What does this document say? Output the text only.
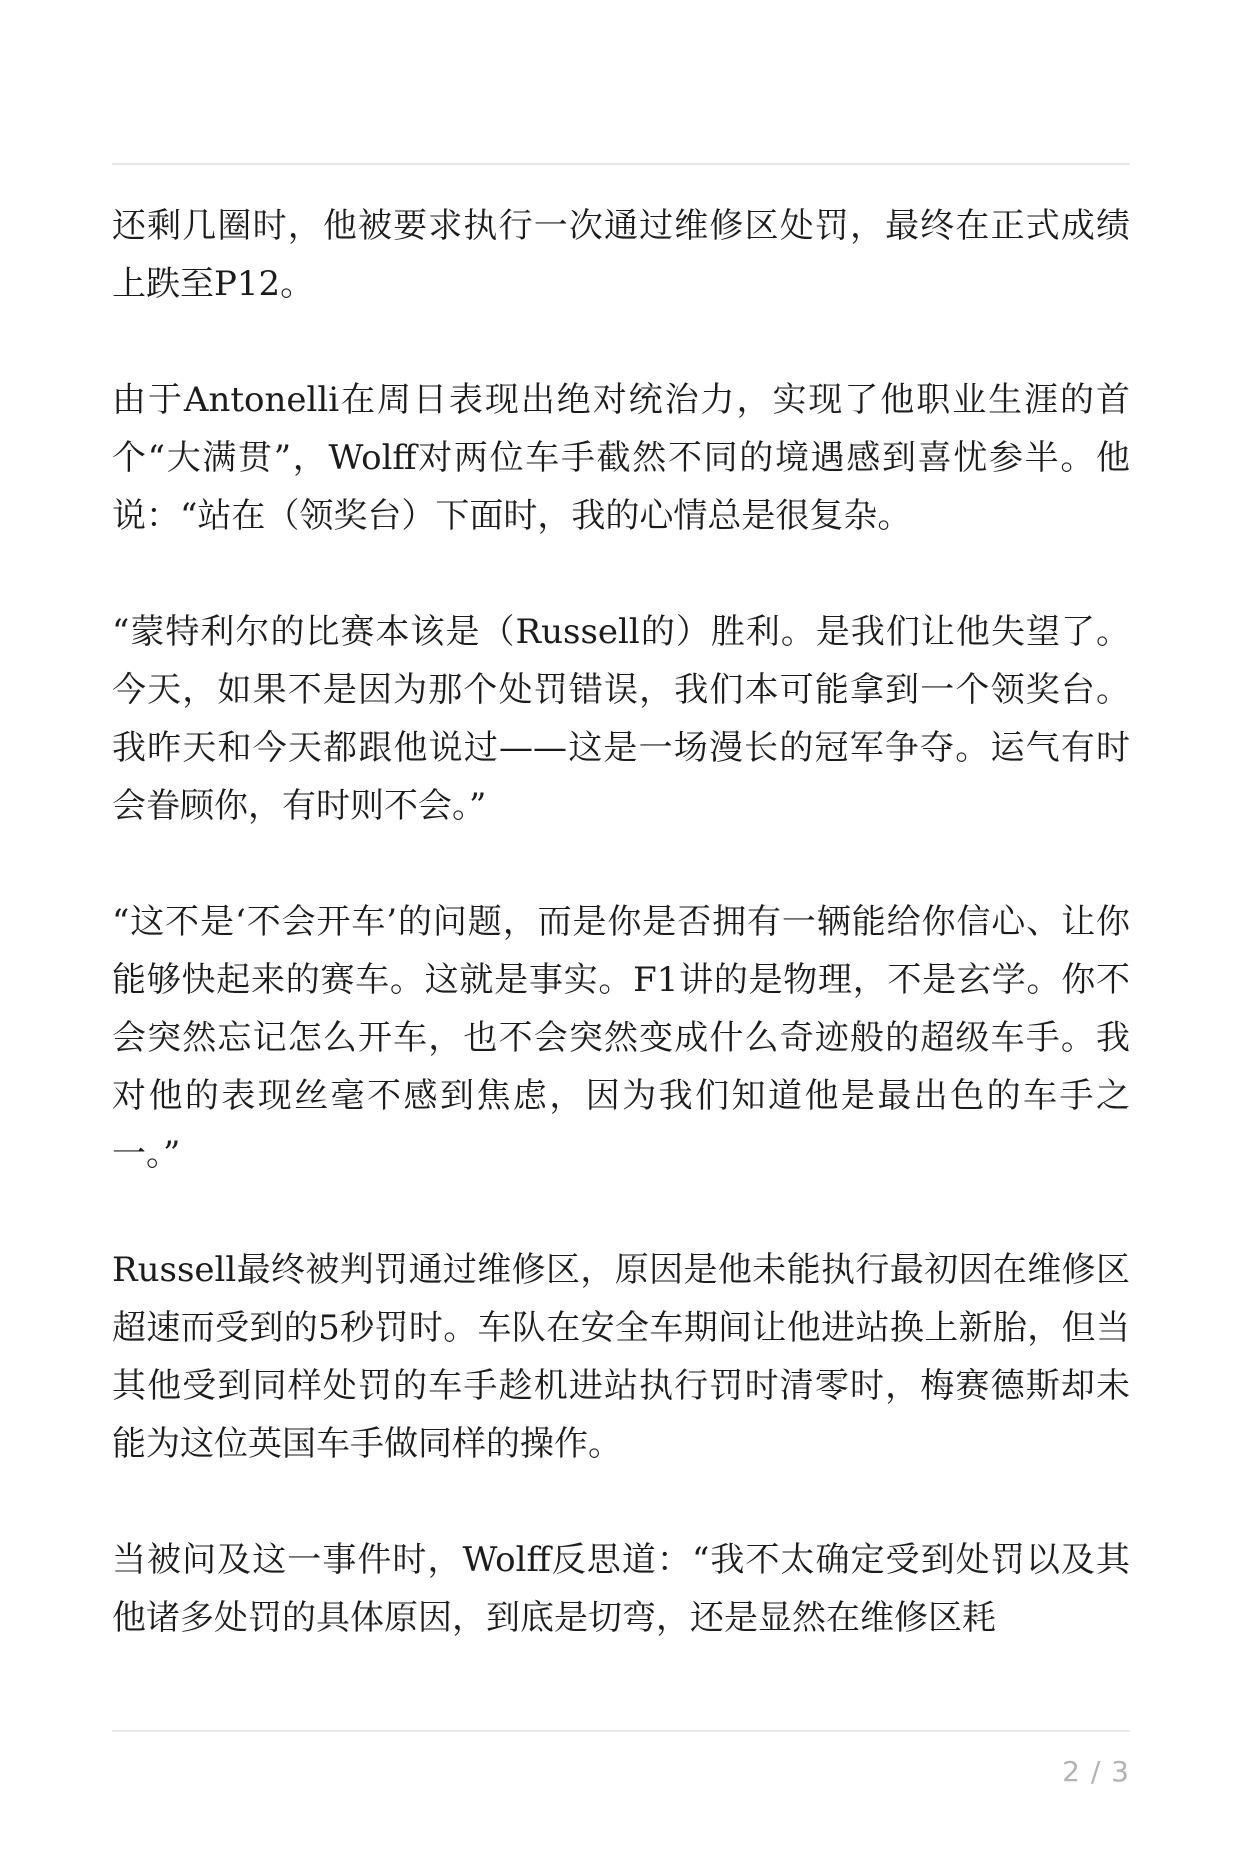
还剩几圈时，他被要求执行一次通过维修区处罚，最终在正式成绩上跌至P12。

由于Antonelli在周日表现出绝对统治力，实现了他职业生涯的首个“大满贯”，Wolff对两位车手截然不同的境遇感到喜忧参半。他说：“站在（领奖台）下面时，我的心情总是很复杂。

“蒙特利尔的比赛本该是（Russell的）胜利。是我们让他失望了。今天，如果不是因为那个处罚错误，我们本可能拿到一个领奖台。我昨天和今天都跟他说过——这是一场漫长的冠军争夺。运气有时会眷顾你，有时则不会。”

“这不是‘不会开车’的问题，而是你是否拥有一辆能给你信心、让你能够快起来的赛车。这就是事实。F1讲的是物理，不是玄学。你不会突然忘记怎么开车，也不会突然变成什么奇迹般的超级车手。我对他的表现丝毫不感到焦虑，因为我们知道他是最出色的车手之一。”

Russell最终被判罚通过维修区，原因是他未能执行最初因在维修区超速而受到的5秒罚时。车队在安全车期间让他进站换上新胎，但当其他受到同样处罚的车手趁机进站执行罚时清零时，梅赛德斯却未能为这位英国车手做同样的操作。

当被问及这一事件时，Wolff反思道：“我不太确定受到处罚以及其他诸多处罚的具体原因，到底是切弯，还是显然在维修区耗

2 / 3
